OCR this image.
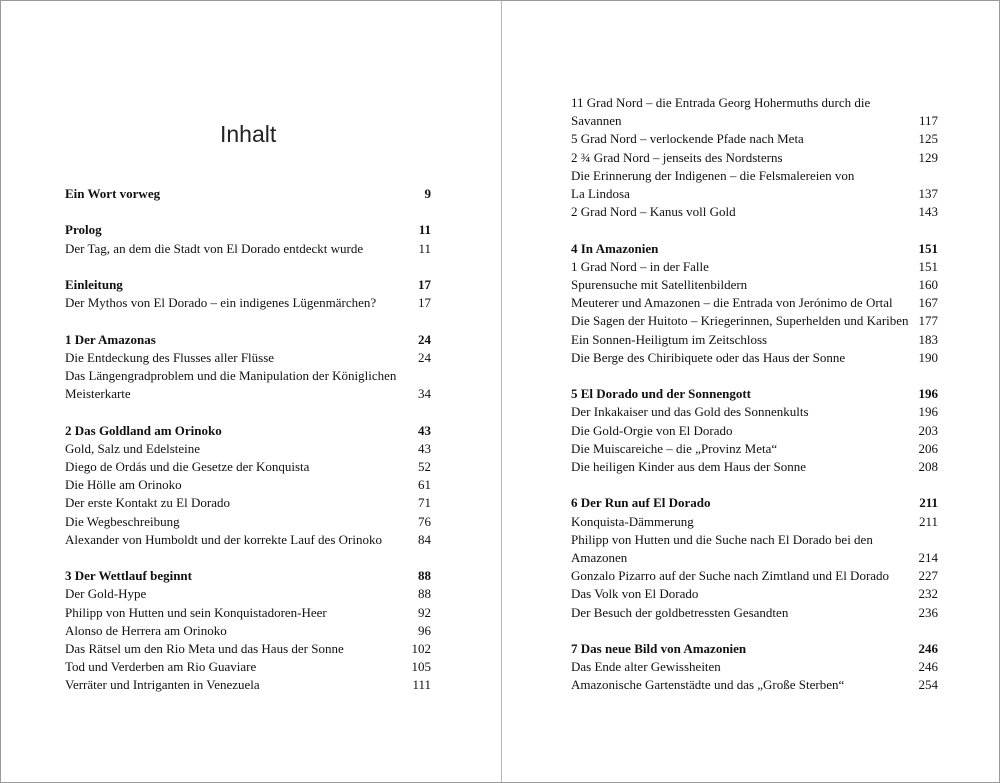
Inhalt
Ein Wort vorweg	9
Prolog	11
Der Tag, an dem die Stadt von El Dorado entdeckt wurde	11
Einleitung	17
Der Mythos von El Dorado – ein indigenes Lügenmärchen?	17
1 Der Amazonas	24
Die Entdeckung des Flusses aller Flüsse	24
Das Längengradproblem und die Manipulation der Königlichen
Meisterkarte	34
2 Das Goldland am Orinoko	43
Gold, Salz und Edelsteine	43
Diego de Ordás und die Gesetze der Konquista	52
Die Hölle am Orinoko	61
Der erste Kontakt zu El Dorado	71
Die Wegbeschreibung	76
Alexander von Humboldt und der korrekte Lauf des Orinoko	84
3 Der Wettlauf beginnt	88
Der Gold-Hype	88
Philipp von Hutten und sein Konquistadoren-Heer	92
Alonso de Herrera am Orinoko	96
Das Rätsel um den Rio Meta und das Haus der Sonne	102
Tod und Verderben am Rio Guaviare	105
Verräter und Intriganten in Venezuela	111
11 Grad Nord – die Entrada Georg Hohermuths durch die
Savannen	117
5 Grad Nord – verlockende Pfade nach Meta	125
2 ¾ Grad Nord – jenseits des Nordsterns	129
Die Erinnerung der Indigenen – die Felsmalereien von
La Lindosa	137
2 Grad Nord – Kanus voll Gold	143
4 In Amazonien	151
1 Grad Nord – in der Falle	151
Spurensuche mit Satellitenbildern	160
Meuterer und Amazonen – die Entrada von Jerónimo de Ortal	167
Die Sagen der Huitoto – Kriegerinnen, Superhelden und Kariben 177
Ein Sonnen-Heiligtum im Zeitschloss	183
Die Berge des Chiribiquete oder das Haus der Sonne	190
5 El Dorado und der Sonnengott	196
Der Inkakaiser und das Gold des Sonnenkults	196
Die Gold-Orgie von El Dorado	203
Die Muiscareiche – die „Provinz Meta“	206
Die heiligen Kinder aus dem Haus der Sonne	208
6 Der Run auf El Dorado	211
Konquista-Dämmerung	211
Philipp von Hutten und die Suche nach El Dorado bei den
Amazonen	214
Gonzalo Pizarro auf der Suche nach Zimtland und El Dorado	227
Das Volk von El Dorado	232
Der Besuch der goldbetressten Gesandten	236
7 Das neue Bild von Amazonien	246
Das Ende alter Gewissheiten	246
Amazonische Gartenstädte und das „Große Sterben“	254
